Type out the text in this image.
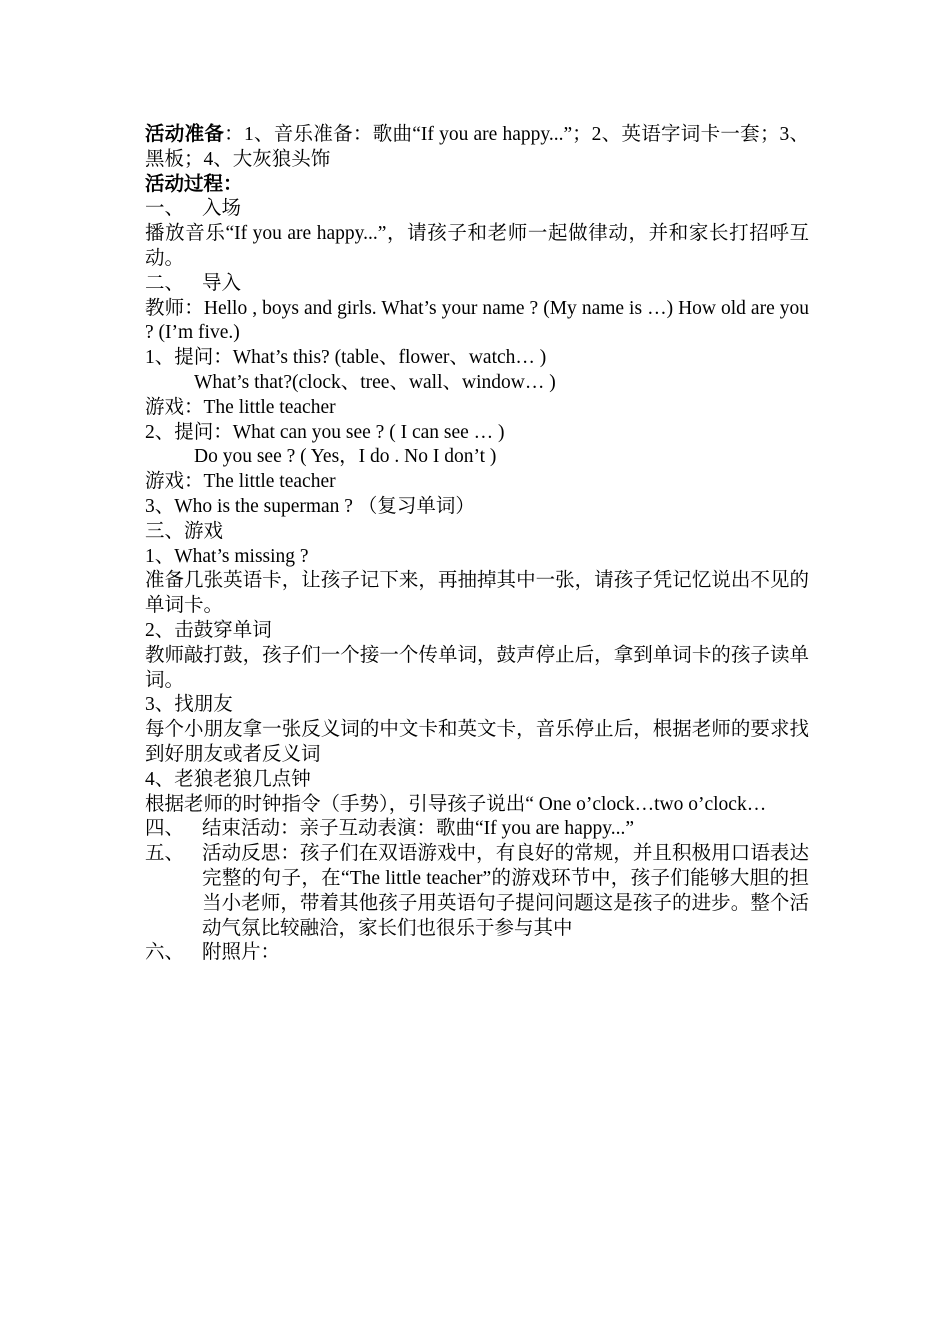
活动准备：1、音乐准备：歌曲“If you are happy...”；2、英语字词卡一套；3、黑板；4、大灰狼头饰

活动过程：

一、 入场

播放音乐“If you are happy...”，请孩子和老师一起做律动，并和家长打招呼互动。

二、 导入

教师：Hello , boys and girls. What’s your name ? (My name is …) How old are you ? (I’m five.)

1、提问：What’s this? (table、flower、watch… )

What’s that?(clock、tree、wall、window… )

游戏：The little teacher

2、提问：What can you see ? ( I can see … )

Do you see ? ( Yes，I do . No I don’t )

游戏：The little teacher

3、Who is the superman ? （复习单词）

三、游戏

1、What’s missing ?

准备几张英语卡，让孩子记下来，再抽掉其中一张，请孩子凭记忆说出不见的单词卡。

2、击鼓穿单词

教师敲打鼓，孩子们一个接一个传单词，鼓声停止后，拿到单词卡的孩子读单词。

3、找朋友

每个小朋友拿一张反义词的中文卡和英文卡，音乐停止后，根据老师的要求找到好朋友或者反义词

4、老狼老狼几点钟

根据老师的时钟指令（手势），引导孩子说出“ One o’clock…two o’clock…

四、 结束活动：亲子互动表演：歌曲“If you are happy...”
五、 活动反思：孩子们在双语游戏中，有良好的常规，并且积极用口语表达完整的句子，在“The little teacher”的游戏环节中，孩子们能够大胆的担当小老师，带着其他孩子用英语句子提问问题这是孩子的进步。整个活动气氛比较融洽，家长们也很乐于参与其中
六、 附照片：
